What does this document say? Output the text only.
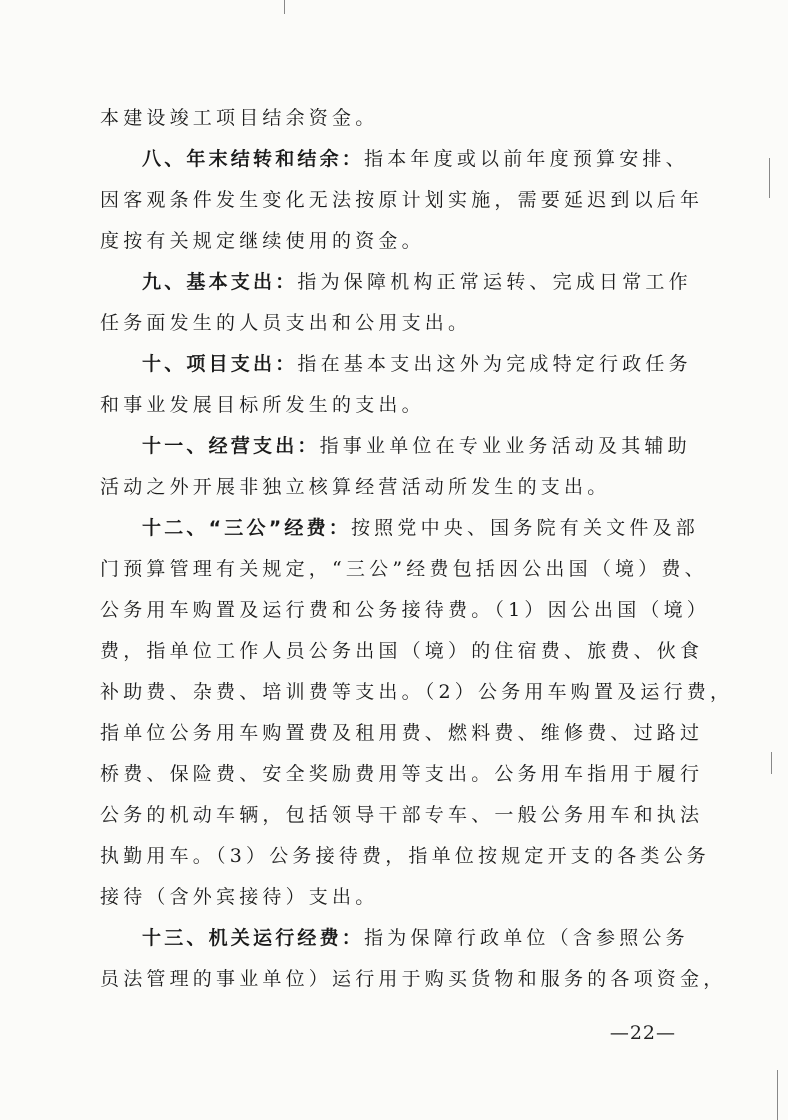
本建设竣工项目结余资金。
八、年末结转和结余：指本年度或以前年度预算安排、
因客观条件发生变化无法按原计划实施，需要延迟到以后年
度按有关规定继续使用的资金。
九、基本支出：指为保障机构正常运转、完成日常工作
任务面发生的人员支出和公用支出。
十、项目支出：指在基本支出这外为完成特定行政任务
和事业发展目标所发生的支出。
十一、经营支出：指事业单位在专业业务活动及其辅助
活动之外开展非独立核算经营活动所发生的支出。
十二、“三公”经费：按照党中央、国务院有关文件及部
门预算管理有关规定，“三公”经费包括因公出国（境）费、
公务用车购置及运行费和公务接待费。（1）因公出国（境）
费，指单位工作人员公务出国（境）的住宿费、旅费、伙食
补助费、杂费、培训费等支出。（2）公务用车购置及运行费，
指单位公务用车购置费及租用费、燃料费、维修费、过路过
桥费、保险费、安全奖励费用等支出。公务用车指用于履行
公务的机动车辆，包括领导干部专车、一般公务用车和执法
执勤用车。（3）公务接待费，指单位按规定开支的各类公务
接待（含外宾接待）支出。
十三、机关运行经费：指为保障行政单位（含参照公务
员法管理的事业单位）运行用于购买货物和服务的各项资金，
—22—
